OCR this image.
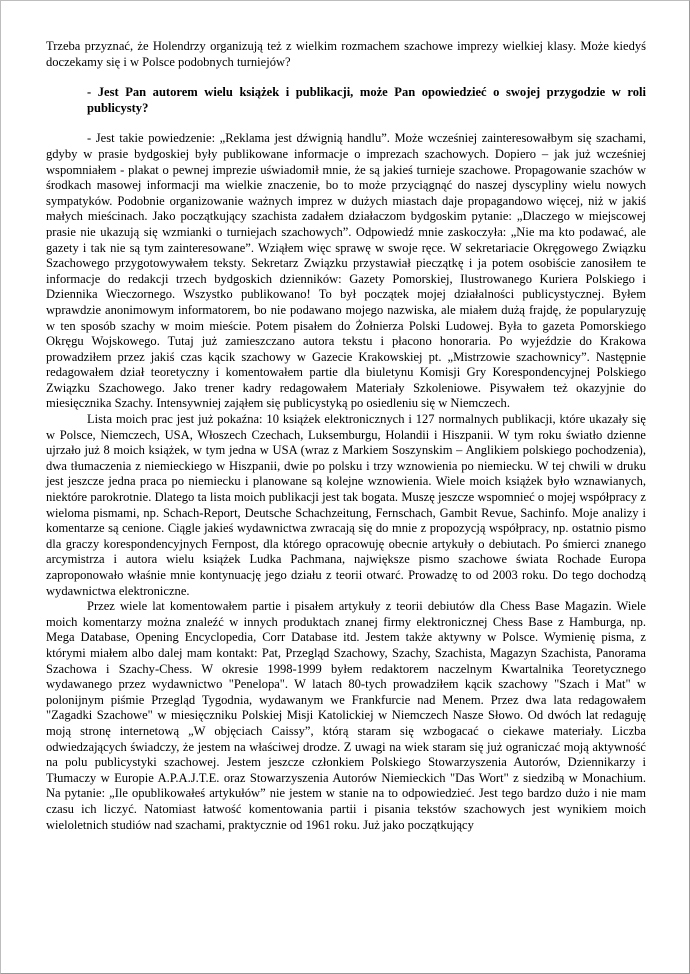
Trzeba przyznać, że Holendrzy organizują też z wielkim rozmachem szachowe imprezy wielkiej klasy. Może kiedyś doczekamy się i w Polsce podobnych turniejów?

- Jest Pan autorem wielu książek i publikacji, może Pan opowiedzieć o swojej przygodzie w roli publicysty?

- Jest takie powiedzenie: „Reklama jest dźwignią handlu”. Może wcześniej zainteresowałbym się szachami, gdyby w prasie bydgoskiej były publikowane informacje o imprezach szachowych. Dopiero – jak już wcześniej wspomniałem - plakat o pewnej imprezie uświadomił mnie, że są jakieś turnieje szachowe. Propagowanie szachów w środkach masowej informacji ma wielkie znaczenie, bo to może przyciągnąć do naszej dyscypliny wielu nowych sympatyków. Podobnie organizowanie ważnych imprez w dużych miastach daje propagandowo więcej, niż w jakiś małych mieścinach. Jako początkujący szachista zadałem działaczom bydgoskim pytanie: „Dlaczego w miejscowej prasie nie ukazują się wzmianki o turniejach szachowych”. Odpowiedź mnie zaskoczyła: „Nie ma kto podawać, ale gazety i tak nie są tym zainteresowane”. Wziąłem więc sprawę w swoje ręce. W sekretariacie Okręgowego Związku Szachowego przygotowywałem teksty. Sekretarz Związku przystawiał pieczątkę i ja potem osobiście zanosiłem te informacje do redakcji trzech bydgoskich dzienników: Gazety Pomorskiej, Ilustrowanego Kuriera Polskiego i Dziennika Wieczornego. Wszystko publikowano! To był początek mojej działalności publicystycznej. Byłem wprawdzie anonimowym informatorem, bo nie podawano mojego nazwiska, ale miałem dużą frajdę, że popularyzuję w ten sposób szachy w moim mieście. Potem pisałem do Żołnierza Polski Ludowej. Była to gazeta Pomorskiego Okręgu Wojskowego. Tutaj już zamieszczano autora tekstu i płacono honoraria. Po wyjeździe do Krakowa prowadziłem przez jakiś czas kącik szachowy w Gazecie Krakowskiej pt. „Mistrzowie szachownicy”. Następnie redagowałem dział teoretyczny i komentowałem partie dla biuletynu Komisji Gry Korespondencyjnej Polskiego Związku Szachowego. Jako trener kadry redagowałem Materiały Szkoleniowe. Pisywałem też okazyjnie do miesięcznika Szachy. Intensywniej zająłem się publicystyką po osiedleniu się w Niemczech.

Lista moich prac jest już pokaźna: 10 książek elektronicznych i 127 normalnych publikacji, które ukazały się w Polsce, Niemczech, USA, Włoszech Czechach, Luksemburgu, Holandii i Hiszpanii. W tym roku światło dzienne ujrzało już 8 moich książek, w tym jedna w USA (wraz z Markiem Soszynskim – Anglikiem polskiego pochodzenia), dwa tłumaczenia z niemieckiego w Hiszpanii, dwie po polsku i trzy wznowienia po niemiecku. W tej chwili w druku jest jeszcze jedna praca po niemiecku i planowane są kolejne wznowienia. Wiele moich książek było wznawianych, niektóre parokrotnie. Dlatego ta lista moich publikacji jest tak bogata. Muszę jeszcze wspomnieć o mojej współpracy z wieloma pismami, np. Schach-Report, Deutsche Schachzeitung, Fernschach, Gambit Revue, Sachinfo. Moje analizy i komentarze są cenione. Ciągle jakieś wydawnictwa zwracają się do mnie z propozycją współpracy, np. ostatnio pismo dla graczy korespondencyjnych Fernpost, dla którego opracowuję obecnie artykuły o debiutach. Po śmierci znanego arcymistrza i autora wielu książek Ludka Pachmana, największe pismo szachowe świata Rochade Europa zaproponowało właśnie mnie kontynuację jego działu z teorii otwarć. Prowadzę to od 2003 roku. Do tego dochodzą wydawnictwa elektroniczne.

Przez wiele lat komentowałem partie i pisałem artykuły z teorii debiutów dla Chess Base Magazin. Wiele moich komentarzy można znaleźć w innych produktach znanej firmy elektronicznej Chess Base z Hamburga, np. Mega Database, Opening Encyclopedia, Corr Database itd. Jestem także aktywny w Polsce. Wymienię pisma, z którymi miałem albo dalej mam kontakt: Pat, Przegląd Szachowy, Szachy, Szachista, Magazyn Szachista, Panorama Szachowa i Szachy-Chess. W okresie 1998-1999 byłem redaktorem naczelnym Kwartalnika Teoretycznego wydawanego przez wydawnictwo "Penelopa". W latach 80-tych prowadziłem kącik szachowy "Szach i Mat" w polonijnym piśmie Przegląd Tygodnia, wydawanym we Frankfurcie nad Menem. Przez dwa lata redagowałem "Zagadki Szachowe" w miesięczniku Polskiej Misji Katolickiej w Niemczech Nasze Słowo. Od dwóch lat redaguję moją stronę internetową „W objęciach Caissy”, którą staram się wzbogacać o ciekawe materiały. Liczba odwiedzających świadczy, że jestem na właściwej drodze. Z uwagi na wiek staram się już ograniczać moją aktywność na polu publicystyki szachowej. Jestem jeszcze członkiem Polskiego Stowarzyszenia Autorów, Dziennikarzy i Tłumaczy w Europie A.P.A.J.T.E. oraz Stowarzyszenia Autorów Niemieckich "Das Wort" z siedzibą w Monachium. Na pytanie: „Ile opublikowałeś artykułów” nie jestem w stanie na to odpowiedzieć. Jest tego bardzo dużo i nie mam czasu ich liczyć. Natomiast łatwość komentowania partii i pisania tekstów szachowych jest wynikiem moich wieloletnich studiów nad szachami, praktycznie od 1961 roku. Już jako początkujący
